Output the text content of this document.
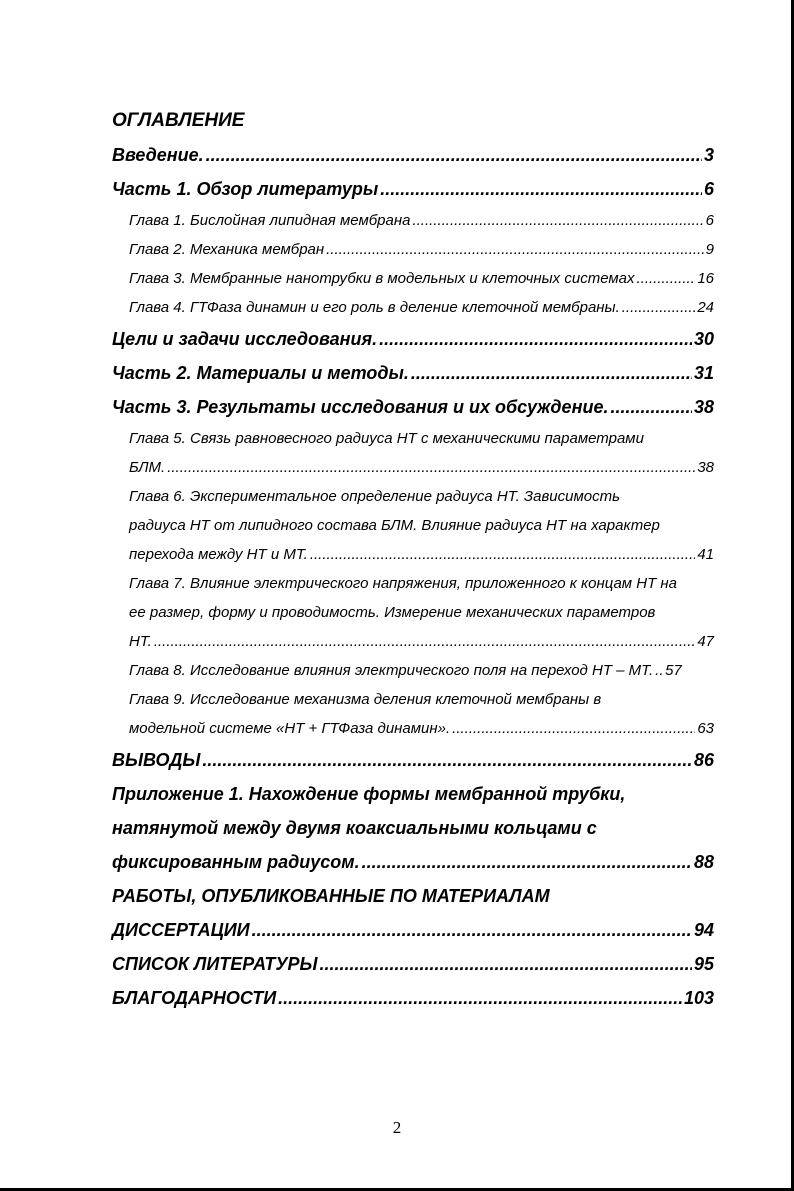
ОГЛАВЛЕНИЕ
Введение. .....	3
Часть 1. Обзор литературы .....	6
Глава 1. Бислойная липидная мембрана .....	6
Глава 2. Механика мембран .....	9
Глава 3. Мембранные нанотрубки в модельных и клеточных системах .....	16
Глава 4. ГТФаза динамин и его роль в деление клеточной мембраны. .....	24
Цели и задачи исследования. .....	30
Часть 2. Материалы и методы. .....	31
Часть 3. Результаты исследования и их обсуждение. .....	38
Глава 5. Связь равновесного радиуса НТ с механическими параметрами
БЛМ. .....	38
Глава 6. Экспериментальное определение радиуса НТ. Зависимость
радиуса НТ от липидного состава БЛМ. Влияние радиуса НТ на характер
перехода между НТ и МТ. .....	41
Глава 7. Влияние электрического напряжения, приложенного к концам НТ на
ее размер, форму и проводимость. Измерение механических параметров
НТ. .....	47
Глава 8. Исследование влияния электрического поля на переход НТ – МТ. ..... 57
Глава 9. Исследование механизма деления клеточной мембраны в
модельной системе «НТ + ГТФаза динамин». .....	63
ВЫВОДЫ .....	86
Приложение 1. Нахождение формы мембранной трубки,
натянутой между двумя коаксиальными кольцами с
фиксированным радиусом. .....	88
РАБОТЫ, ОПУБЛИКОВАННЫЕ ПО МАТЕРИАЛАМ
ДИССЕРТАЦИИ .....	94
СПИСОК ЛИТЕРАТУРЫ .....	95
БЛАГОДАРНОСТИ .....	103
2
